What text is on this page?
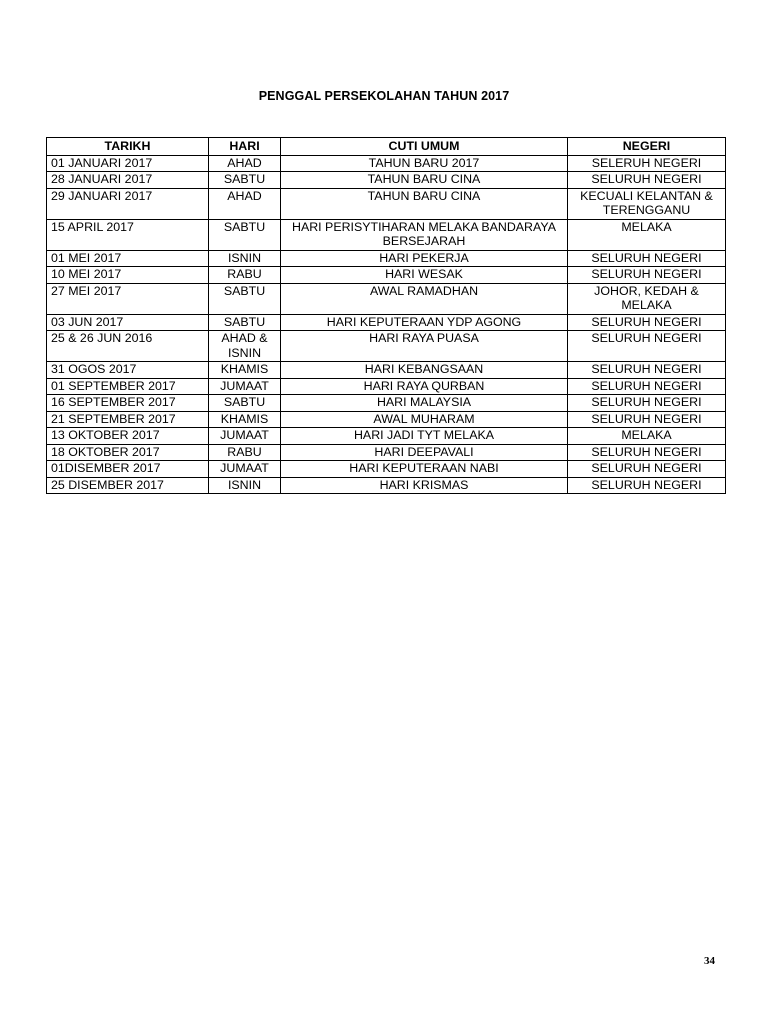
PENGGAL PERSEKOLAHAN TAHUN 2017
TARIKH	HARI	CUTI UMUM	NEGERI
01 JANUARI 2017	AHAD	TAHUN BARU 2017	SELERUH NEGERI
28 JANUARI 2017	SABTU	TAHUN BARU CINA	SELURUH NEGERI
29 JANUARI 2017	AHAD	TAHUN BARU CINA	KECUALI KELANTAN & TERENGGANU
15 APRIL 2017	SABTU	HARI PERISYTIHARAN MELAKA BANDARAYA BERSEJARAH	MELAKA
01 MEI 2017	ISNIN	HARI PEKERJA	SELURUH NEGERI
10 MEI 2017	RABU	HARI WESAK	SELURUH NEGERI
27 MEI 2017	SABTU	AWAL RAMADHAN	JOHOR, KEDAH & MELAKA
03 JUN 2017	SABTU	HARI KEPUTERAAN YDP AGONG	SELURUH NEGERI
25 & 26 JUN 2016	AHAD & ISNIN	HARI RAYA PUASA	SELURUH NEGERI
31 OGOS 2017	KHAMIS	HARI KEBANGSAAN	SELURUH NEGERI
01 SEPTEMBER 2017	JUMAAT	HARI RAYA QURBAN	SELURUH NEGERI
16 SEPTEMBER 2017	SABTU	HARI MALAYSIA	SELURUH NEGERI
21 SEPTEMBER 2017	KHAMIS	AWAL MUHARAM	SELURUH NEGERI
13 OKTOBER 2017	JUMAAT	HARI JADI TYT MELAKA	MELAKA
18 OKTOBER 2017	RABU	HARI DEEPAVALI	SELURUH NEGERI
01DISEMBER 2017	JUMAAT	HARI KEPUTERAAN NABI	SELURUH NEGERI
25 DISEMBER 2017	ISNIN	HARI KRISMAS	SELURUH NEGERI
34
